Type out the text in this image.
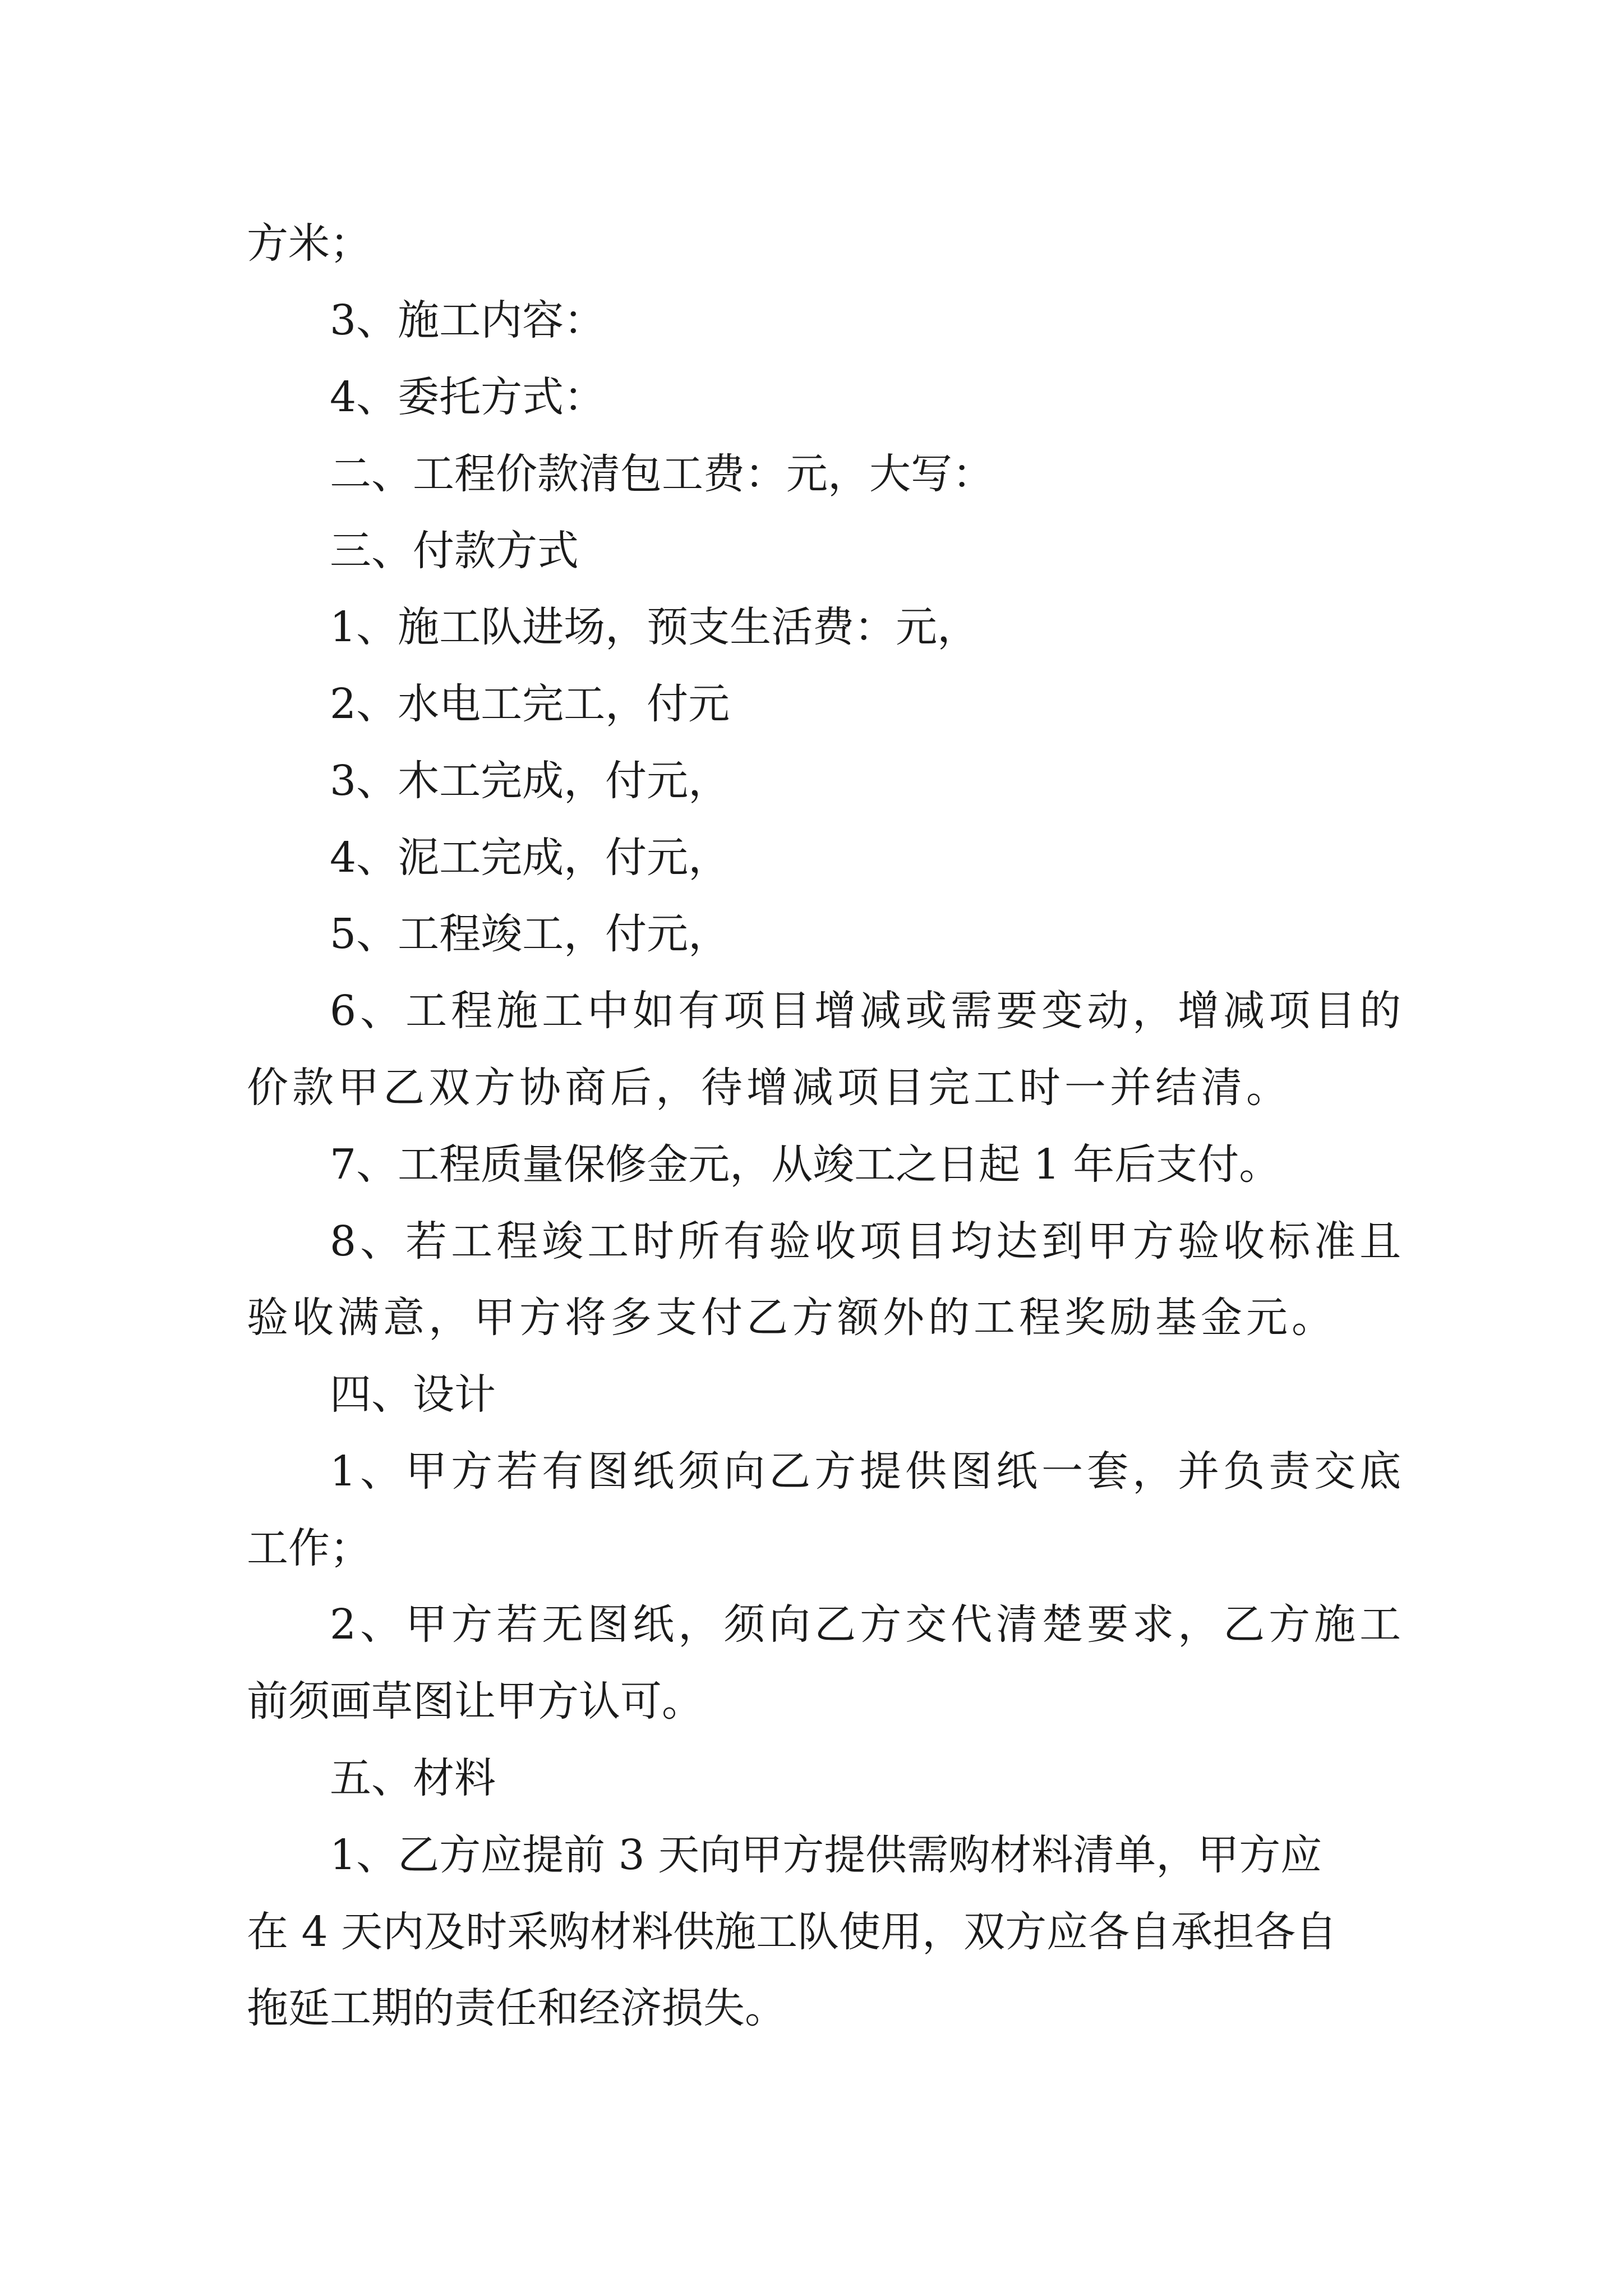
方米；
3、施工内容：
4、委托方式：
二、工程价款清包工费：元，大写：
三、付款方式
1、施工队进场，预支生活费：元，
2、水电工完工，付元
3、木工完成，付元，
4、泥工完成，付元，
5、工程竣工，付元，
6、工程施工中如有项目增减或需要变动，增减项目的
价款甲乙双方协商后，待增减项目完工时一并结清。
7、工程质量保修金元，从竣工之日起 1 年后支付。
8、若工程竣工时所有验收项目均达到甲方验收标准且
验收满意，甲方将多支付乙方额外的工程奖励基金元。
四、设计
1、甲方若有图纸须向乙方提供图纸一套，并负责交底
工作；
2、甲方若无图纸，须向乙方交代清楚要求，乙方施工
前须画草图让甲方认可。
五、材料
1、乙方应提前 3 天向甲方提供需购材料清单，甲方应
在 4 天内及时采购材料供施工队使用，双方应各自承担各自
拖延工期的责任和经济损失。
